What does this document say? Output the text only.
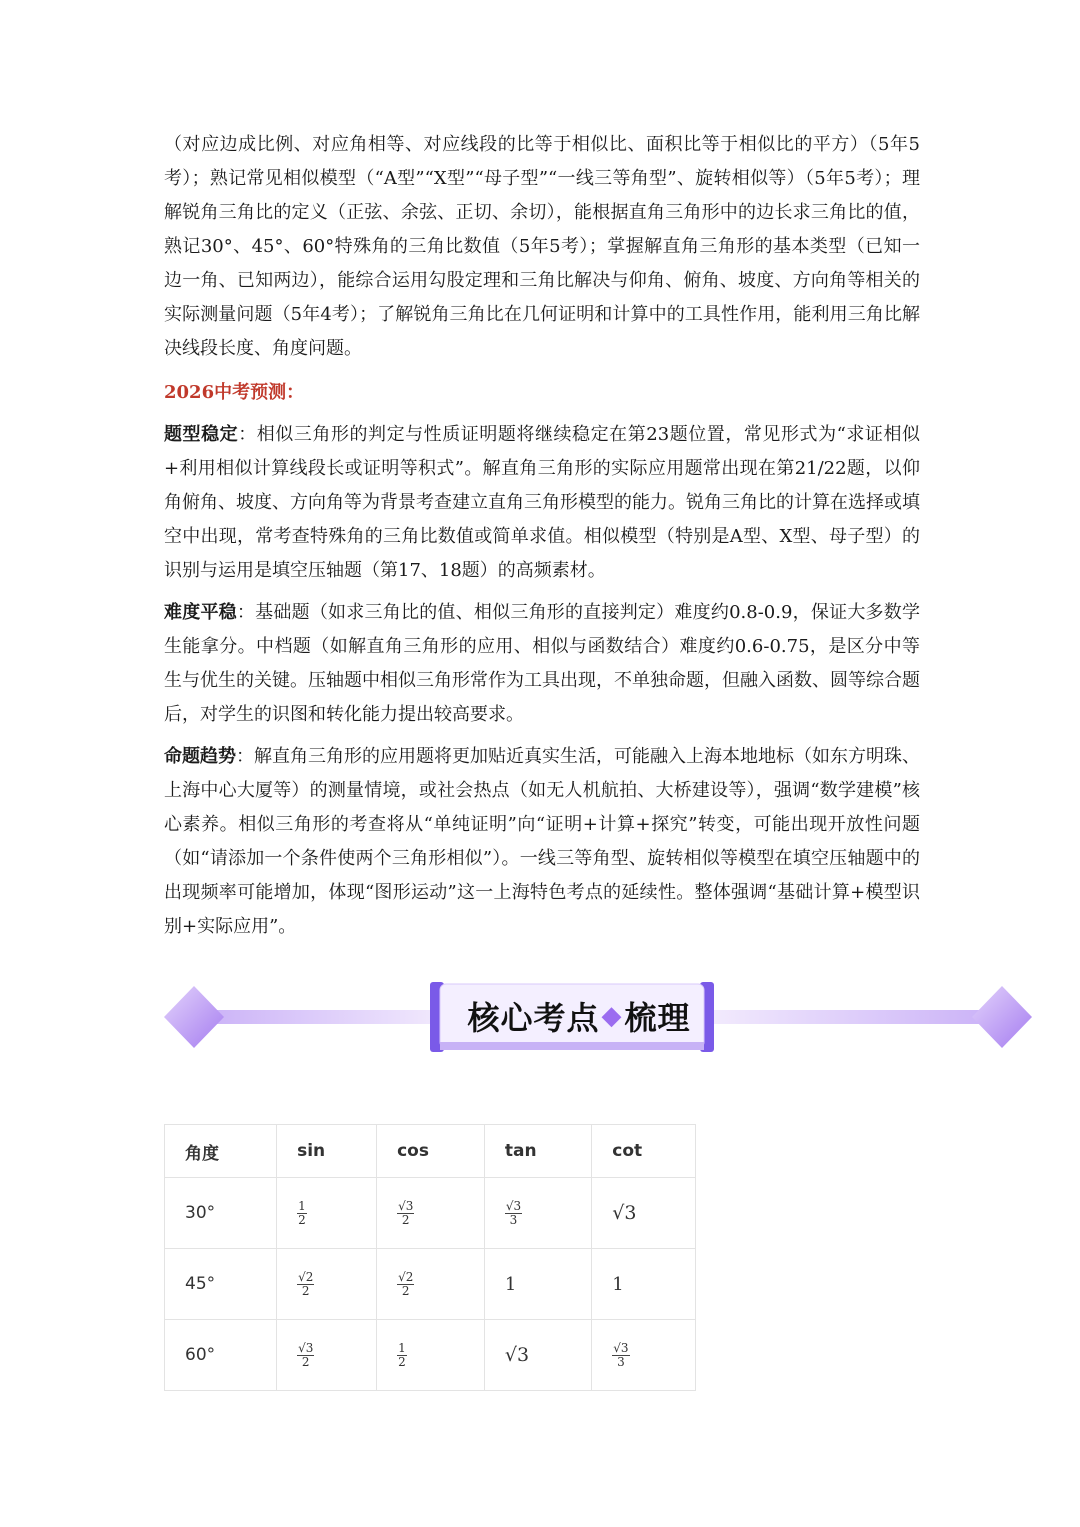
（对应边成比例、对应角相等、对应线段的比等于相似比、面积比等于相似比的平方）（5年5考）；熟记常见相似模型（“A型”“X型”“母子型”“一线三等角型”、旋转相似等）（5年5考）；理解锐角三角比的定义（正弦、余弦、正切、余切），能根据直角三角形中的边长求三角比的值，熟记30°、45°、60°特殊角的三角比数值（5年5考）；掌握解直角三角形的基本类型（已知一边一角、已知两边），能综合运用勾股定理和三角比解决与仰角、俯角、坡度、方向角等相关的实际测量问题（5年4考）；了解锐角三角比在几何证明和计算中的工具性作用，能利用三角比解决线段长度、角度问题。

2026中考预测：

题型稳定：相似三角形的判定与性质证明题将继续稳定在第23题位置，常见形式为“求证相似+利用相似计算线段长或证明等积式”。解直角三角形的实际应用题常出现在第21/22题，以仰角俯角、坡度、方向角等为背景考查建立直角三角形模型的能力。锐角三角比的计算在选择或填空中出现，常考查特殊角的三角比数值或简单求值。相似模型（特别是A型、X型、母子型）的识别与运用是填空压轴题（第17、18题）的高频素材。

难度平稳：基础题（如求三角比的值、相似三角形的直接判定）难度约0.8-0.9，保证大多数学生能拿分。中档题（如解直角三角形的应用、相似与函数结合）难度约0.6-0.75，是区分中等生与优生的关键。压轴题中相似三角形常作为工具出现，不单独命题，但融入函数、圆等综合题后，对学生的识图和转化能力提出较高要求。

命题趋势：解直角三角形的应用题将更加贴近真实生活，可能融入上海本地地标（如东方明珠、上海中心大厦等）的测量情境，或社会热点（如无人机航拍、大桥建设等），强调“数学建模”核心素养。相似三角形的考查将从“单纯证明”向“证明+计算+探究”转变，可能出现开放性问题（如“请添加一个条件使两个三角形相似”）。一线三等角型、旋转相似等模型在填空压轴题中的出现频率可能增加，体现“图形运动”这一上海特色考点的延续性。整体强调“基础计算+模型识别+实际应用”。

核心考点 ◆ 梳理
角度	sin	cos	tan	cot
30°	$\frac{1}{2}$	$\frac{√3}{2}$	$\frac{√3}{3}$	√3
45°	$\frac{√2}{2}$	$\frac{√2}{2}$	1	1
60°	$\frac{√3}{2}$	$\frac{1}{2}$	√3	$\frac{√3}{3}$
